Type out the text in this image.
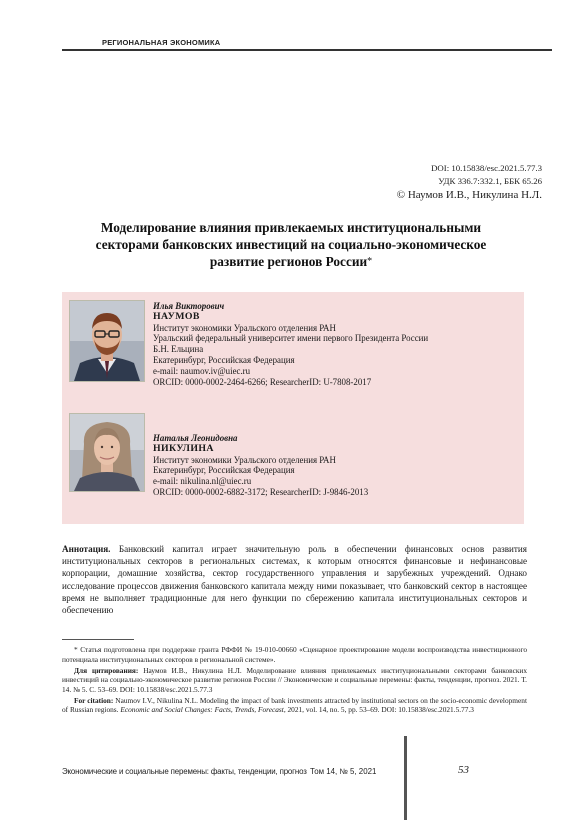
РЕГИОНАЛЬНАЯ ЭКОНОМИКА
DOI: 10.15838/esc.2021.5.77.3
УДК 336.7:332.1, ББК 65.26
© Наумов И.В., Никулина Н.Л.
Моделирование влияния привлекаемых институциональными
секторами банковских инвестиций на социально-экономическое
развитие регионов России*
Илья Викторович
НАУМОВ
Институт экономики Уральского отделения РАН
Уральский федеральный университет имени первого Президента России
Б.Н. Ельцина
Екатеринбург, Российская Федерация
e-mail: naumov.iv@uiec.ru
ORCID: 0000-0002-2464-6266; ResearcherID: U-7808-2017
Наталья Леонидовна
НИКУЛИНА
Институт экономики Уральского отделения РАН
Екатеринбург, Российская Федерация
e-mail: nikulina.nl@uiec.ru
ORCID: 0000-0002-6882-3172; ResearcherID: J-9846-2013
Аннотация. Банковский капитал играет значительную роль в обеспечении финансовых основ развития институциональных секторов в региональных системах, к которым относятся финансовые и нефинансовые корпорации, домашние хозяйства, сектор государственного управления и зарубежных учреждений. Однако исследование процессов движения банковского капитала между ними показывает, что банковский сектор в настоящее время не выполняет традиционные для него функции по сбережению капитала институциональных секторов и обеспечению

* Статья подготовлена при поддержке гранта РФФИ № 19-010-00660 «Сценарное проектирование модели воспроизводства инвестиционного потенциала институциональных секторов в региональной системе».

Для цитирования: Наумов И.В., Никулина Н.Л. Моделирование влияния привлекаемых институциональными секторами банковских инвестиций на социально-экономическое развитие регионов России // Экономические и социальные перемены: факты, тенденции, прогноз. 2021. Т. 14. № 5. С. 53–69. DOI: 10.15838/esc.2021.5.77.3

For citation: Naumov I.V., Nikulina N.L. Modeling the impact of bank investments attracted by institutional sectors on the socio-economic development of Russian regions. Economic and Social Changes: Facts, Trends, Forecast, 2021, vol. 14, no. 5, pp. 53–69. DOI: 10.15838/esc.2021.5.77.3

Экономические и социальные перемены: факты, тенденции, прогноз Том 14, № 5, 2021	53
